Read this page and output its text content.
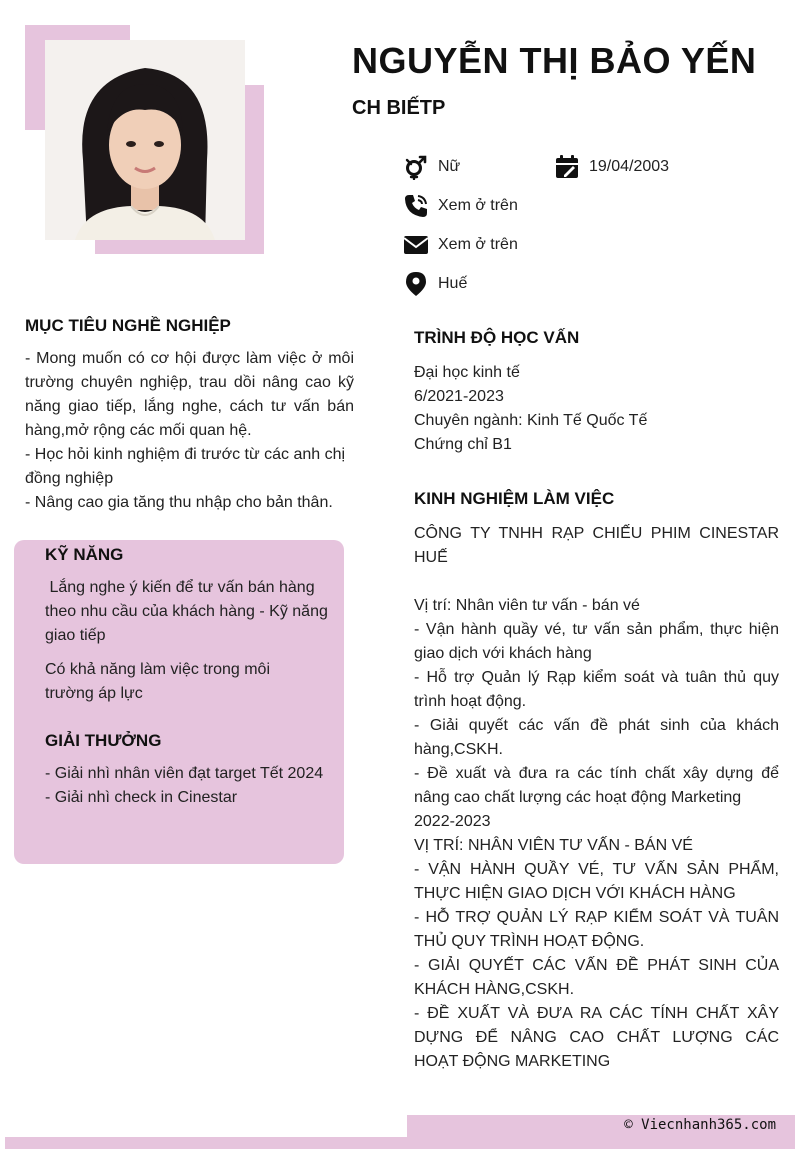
NGUYỄN THỊ BẢO YẾN
CH BIẾTP
Nữ	19/04/2003
Xem ở trên
Xem ở trên
Huế
MỤC TIÊU NGHỀ NGHIỆP
- Mong muốn có cơ hội được làm việc ở môi trường chuyên nghiệp, trau dồi nâng cao kỹ năng giao tiếp, lắng nghe, cách tư vấn bán hàng,mở rộng các mối quan hệ.
- Học hỏi kinh nghiệm đi trước từ các anh chị đồng nghiệp
- Nâng cao gia tăng thu nhập cho bản thân.
KỸ NĂNG
Lắng nghe ý kiến để tư vấn bán hàng theo nhu cầu của khách hàng - Kỹ năng giao tiếp
Có khả năng làm việc trong môi trường áp lực
GIẢI THƯỞNG
- Giải nhì nhân viên đạt target Tết 2024
- Giải nhì check in Cinestar
TRÌNH ĐỘ HỌC VẤN
Đại học kinh tế
6/2021-2023
Chuyên ngành: Kinh Tế Quốc Tế
Chứng chỉ B1
KINH NGHIỆM LÀM VIỆC
CÔNG TY TNHH RẠP CHIẾU PHIM CINESTAR HUẾ
Vị trí: Nhân viên tư vấn - bán vé
- Vận hành quầy vé, tư vấn sản phẩm, thực hiện giao dịch với khách hàng
- Hỗ trợ Quản lý Rạp kiểm soát và tuân thủ quy trình hoạt động.
- Giải quyết các vấn đề phát sinh của khách hàng,CSKH.
- Đề xuất và đưa ra các tính chất xây dựng để nâng cao chất lượng các hoạt động Marketing
2022-2023
VỊ TRÍ: NHÂN VIÊN TƯ VẤN - BÁN VÉ
- VẬN HÀNH QUẦY VÉ, TƯ VẤN SẢN PHẨM, THỰC HIỆN GIAO DỊCH VỚI KHÁCH HÀNG
- HỖ TRỢ QUẢN LÝ RẠP KIỂM SOÁT VÀ TUÂN THỦ QUY TRÌNH HOẠT ĐỘNG.
- GIẢI QUYẾT CÁC VẤN ĐỀ PHÁT SINH CỦA KHÁCH HÀNG,CSKH.
- ĐỀ XUẤT VÀ ĐƯA RA CÁC TÍNH CHẤT XÂY DỰNG ĐỂ NÂNG CAO CHẤT LƯỢNG CÁC HOẠT ĐỘNG MARKETING
© Viecnhanh365.com
